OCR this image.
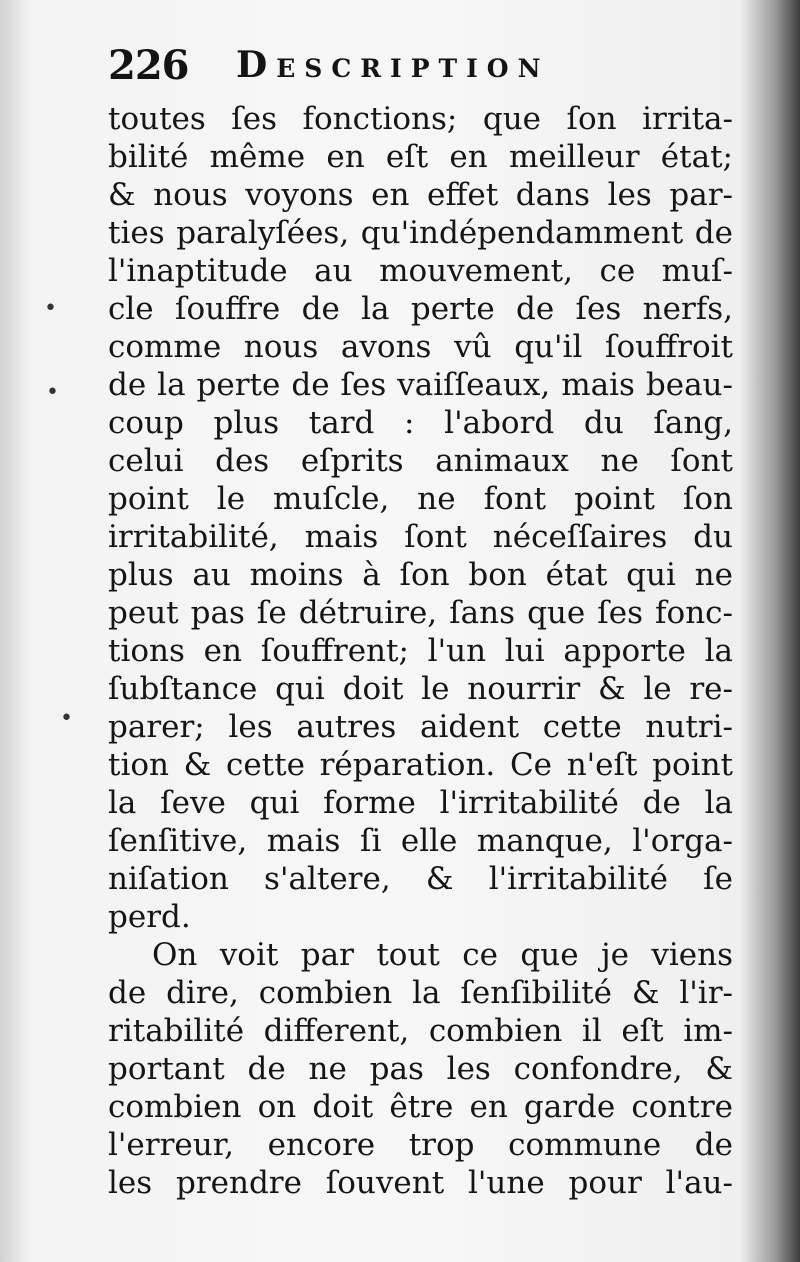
226 Description
toutes ſes fonctions; que ſon irrita-
bilité même en eſt en meilleur état;
& nous voyons en effet dans les par-
ties paralyſées, qu'indépendamment de
l'inaptitude au mouvement, ce muſ-
cle ſouffre de la perte de ſes nerfs,
comme nous avons vû qu'il ſouffroit
de la perte de ſes vaiſſeaux, mais beau-
coup plus tard : l'abord du ſang,
celui des eſprits animaux ne ſont
point le muſcle, ne font point ſon
irritabilité, mais ſont néceſſaires du
plus au moins à ſon bon état qui ne
peut pas ſe détruire, ſans que ſes fonc-
tions en ſouffrent; l'un lui apporte la
ſubſtance qui doit le nourrir & le re-
parer; les autres aident cette nutri-
tion & cette réparation. Ce n'eſt point
la ſeve qui forme l'irritabilité de la
ſenſitive, mais ſi elle manque, l'orga-
niſation s'altere, & l'irritabilité ſe
perd.
On voit par tout ce que je viens
de dire, combien la ſenſibilité & l'ir-
ritabilité different, combien il eſt im-
portant de ne pas les confondre, &
combien on doit être en garde contre
l'erreur, encore trop commune de
les prendre ſouvent l'une pour l'au-
•
•
•
